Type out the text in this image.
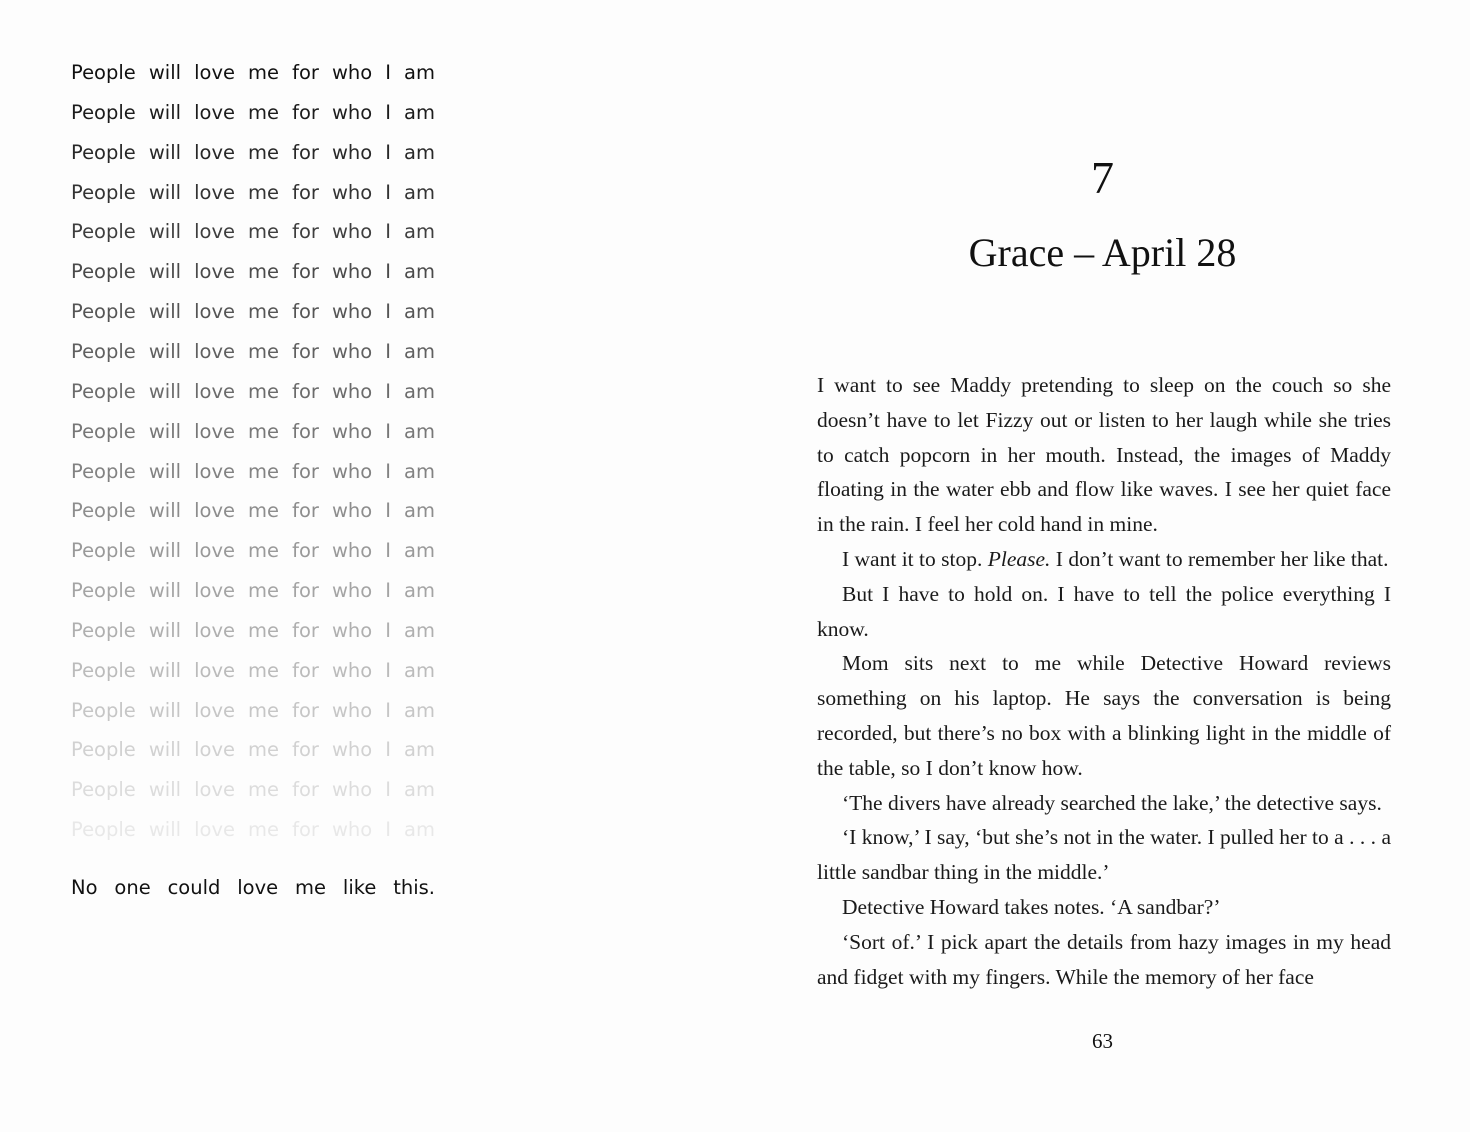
People will love me for who I am
People will love me for who I am
People will love me for who I am
People will love me for who I am
People will love me for who I am
People will love me for who I am
People will love me for who I am
People will love me for who I am
People will love me for who I am
People will love me for who I am
People will love me for who I am
People will love me for who I am
People will love me for who I am
People will love me for who I am
People will love me for who I am
People will love me for who I am
People will love me for who I am
People will love me for who I am
People will love me for who I am
People will love me for who I am
No one could love me like this.
7
Grace – April 28

I want to see Maddy pretending to sleep on the couch so she doesn’t have to let Fizzy out or listen to her laugh while she tries to catch popcorn in her mouth. Instead, the images of Maddy floating in the water ebb and flow like waves. I see her quiet face in the rain. I feel her cold hand in mine.

I want it to stop. Please. I don’t want to remember her like that.

But I have to hold on. I have to tell the police everything I know.

Mom sits next to me while Detective Howard reviews something on his laptop. He says the conversation is being recorded, but there’s no box with a blinking light in the middle of the table, so I don’t know how.

‘The divers have already searched the lake,’ the detective says.

‘I know,’ I say, ‘but she’s not in the water. I pulled her to a . . . a little sandbar thing in the middle.’

Detective Howard takes notes. ‘A sandbar?’

‘Sort of.’ I pick apart the details from hazy images in my head and fidget with my fingers. While the memory of her face

63
